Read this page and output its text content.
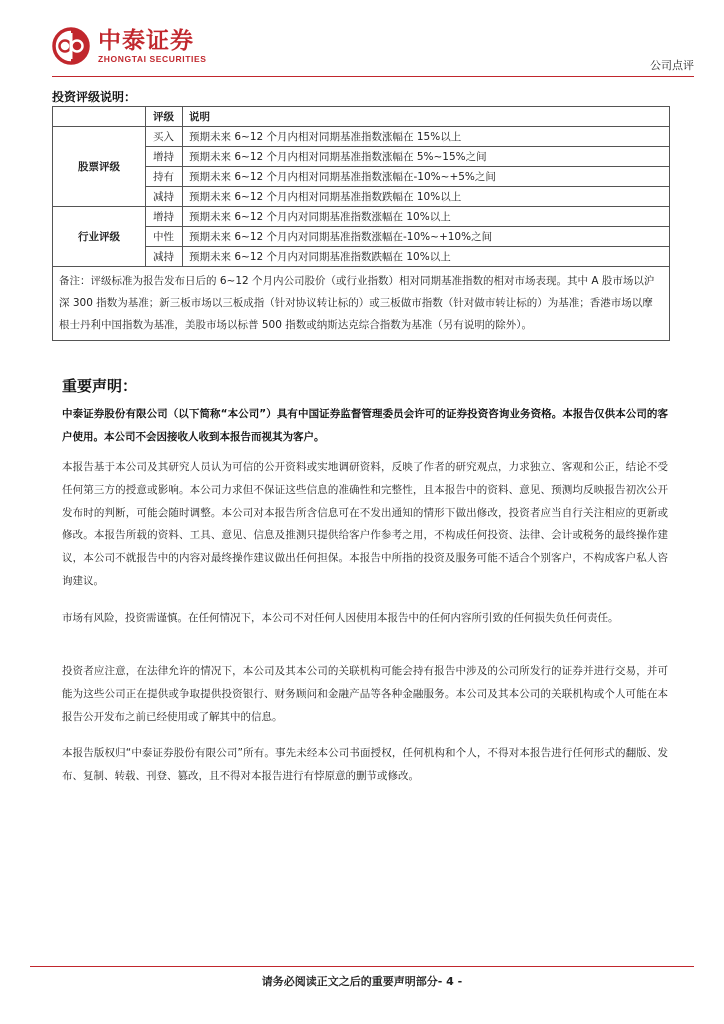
中泰证券
ZHONGTAI SECURITIES	公司点评
投资评级说明：
	评级	说明
股票评级	买入	预期未来 6~12 个月内相对同期基准指数涨幅在 15%以上
	增持	预期未来 6~12 个月内相对同期基准指数涨幅在 5%~15%之间
	持有	预期未来 6~12 个月内相对同期基准指数涨幅在-10%~+5%之间
	减持	预期未来 6~12 个月内相对同期基准指数跌幅在 10%以上
行业评级	增持	预期未来 6~12 个月内对同期基准指数涨幅在 10%以上
	中性	预期未来 6~12 个月内对同期基准指数涨幅在-10%~+10%之间
	减持	预期未来 6~12 个月内对同期基准指数跌幅在 10%以上
备注：评级标准为报告发布日后的 6~12 个月内公司股价（或行业指数）相对同期基准指数的相对市场表现。其中 A 股市场以沪深 300 指数为基准；新三板市场以三板成指（针对协议转让标的）或三板做市指数（针对做市转让标的）为基准；香港市场以摩根士丹利中国指数为基准，美股市场以标普 500 指数或纳斯达克综合指数为基准（另有说明的除外）。		
重要声明：
中泰证券股份有限公司（以下简称“本公司”）具有中国证券监督管理委员会许可的证券投资咨询业务资格。本报告仅供本公司的客户使用。本公司不会因接收人收到本报告而视其为客户。
本报告基于本公司及其研究人员认为可信的公开资料或实地调研资料，反映了作者的研究观点，力求独立、客观和公正，结论不受任何第三方的授意或影响。本公司力求但不保证这些信息的准确性和完整性，且本报告中的资料、意见、预测均反映报告初次公开发布时的判断，可能会随时调整。本公司对本报告所含信息可在不发出通知的情形下做出修改，投资者应当自行关注相应的更新或修改。本报告所载的资料、工具、意见、信息及推测只提供给客户作参考之用，不构成任何投资、法律、会计或税务的最终操作建议，本公司不就报告中的内容对最终操作建议做出任何担保。本报告中所指的投资及服务可能不适合个别客户，不构成客户私人咨询建议。
市场有风险，投资需谨慎。在任何情况下，本公司不对任何人因使用本报告中的任何内容所引致的任何损失负任何责任。
投资者应注意，在法律允许的情况下，本公司及其本公司的关联机构可能会持有报告中涉及的公司所发行的证券并进行交易，并可能为这些公司正在提供或争取提供投资银行、财务顾问和金融产品等各种金融服务。本公司及其本公司的关联机构或个人可能在本报告公开发布之前已经使用或了解其中的信息。
本报告版权归“中泰证券股份有限公司”所有。事先未经本公司书面授权，任何机构和个人，不得对本报告进行任何形式的翻版、发布、复制、转载、刊登、篡改，且不得对本报告进行有悖原意的删节或修改。
请务必阅读正文之后的重要声明部分- 4 -
